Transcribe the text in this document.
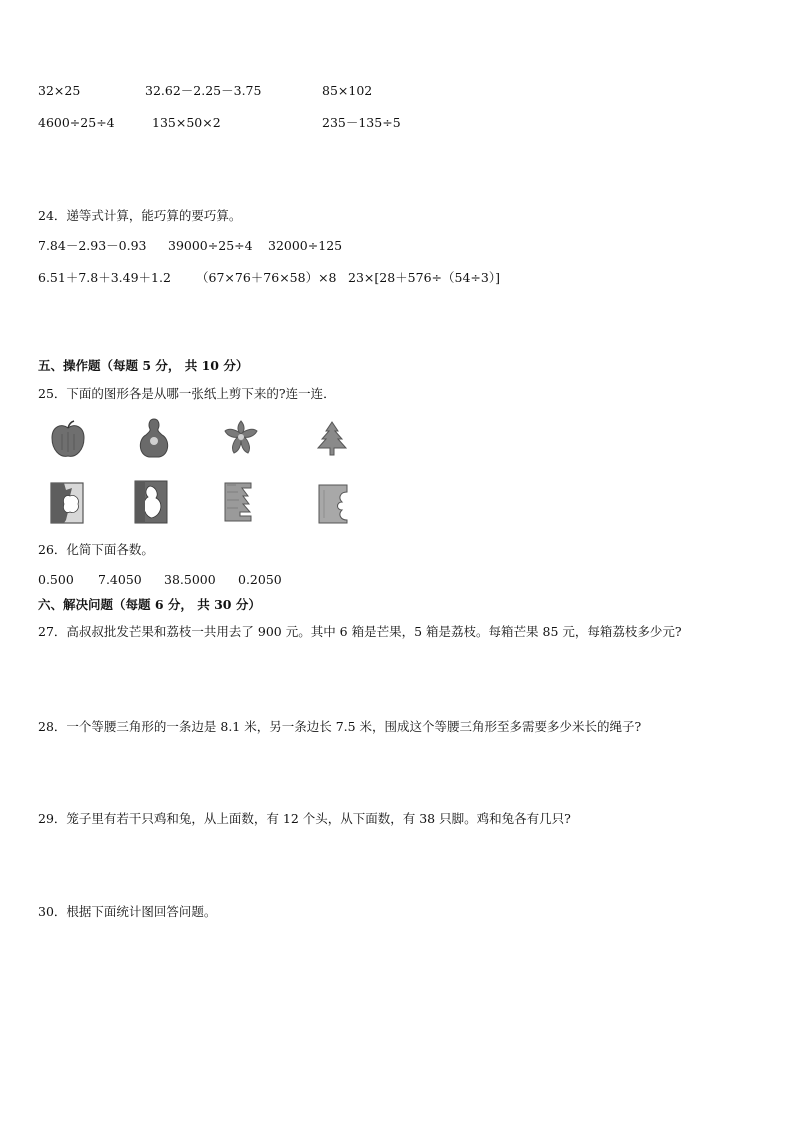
32×25	32.62－2.25－3.75	85×102
4600÷25÷4	135×50×2	235－135÷5
24．递等式计算，能巧算的要巧算。
7.84－2.93－0.93 39000÷25÷4 32000÷125
6.51＋7.8＋3.49＋1.2 （67×76＋76×58）×8 23×[28＋576÷（54÷3）]
五、操作题（每题 5 分， 共 10 分）
25．下面的图形各是从哪一张纸上剪下来的?连一连．
26．化简下面各数。
0.500 7.4050 38.5000 0.2050
六、解决问题（每题 6 分， 共 30 分）
27．高叔叔批发芒果和荔枝一共用去了 900 元。其中 6 箱是芒果，5 箱是荔枝。每箱芒果 85 元，每箱荔枝多少元?
28．一个等腰三角形的一条边是 8.1 米，另一条边长 7.5 米，围成这个等腰三角形至多需要多少米长的绳子?
29．笼子里有若干只鸡和兔，从上面数，有 12 个头，从下面数，有 38 只脚。鸡和兔各有几只?
30．根据下面统计图回答问题。
